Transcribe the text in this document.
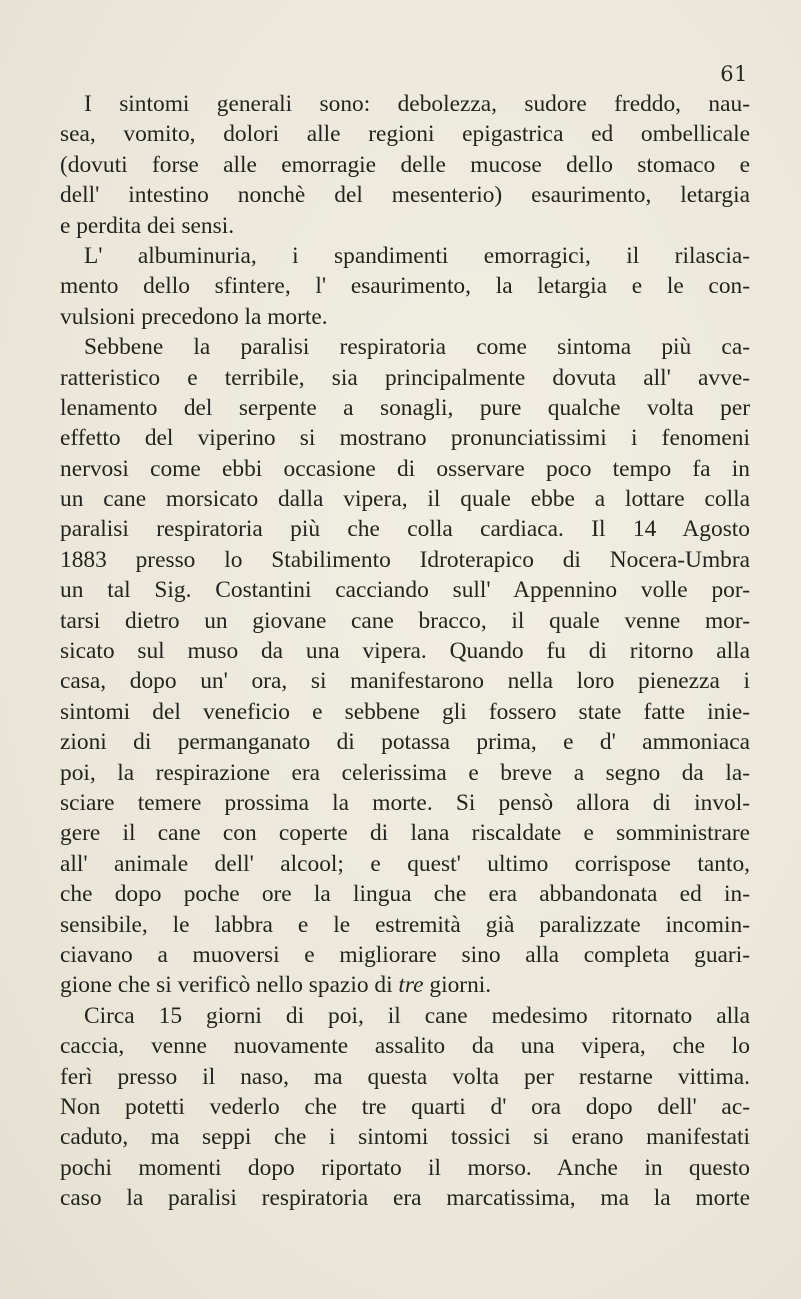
61
I sintomi generali sono: debolezza, sudore freddo, nau-
sea, vomito, dolori alle regioni epigastrica ed ombellicale
(dovuti forse alle emorragie delle mucose dello stomaco e
dell' intestino nonchè del mesenterio) esaurimento, letargia
e perdita dei sensi.
L' albuminuria, i spandimenti emorragici, il rilascia-
mento dello sfintere, l' esaurimento, la letargia e le con-
vulsioni precedono la morte.
Sebbene la paralisi respiratoria come sintoma più ca-
ratteristico e terribile, sia principalmente dovuta all' avve-
lenamento del serpente a sonagli, pure qualche volta per
effetto del viperino si mostrano pronunciatissimi i fenomeni
nervosi come ebbi occasione di osservare poco tempo fa in
un cane morsicato dalla vipera, il quale ebbe a lottare colla
paralisi respiratoria più che colla cardiaca. Il 14 Agosto
1883 presso lo Stabilimento Idroterapico di Nocera-Umbra
un tal Sig. Costantini cacciando sull' Appennino volle por-
tarsi dietro un giovane cane bracco, il quale venne mor-
sicato sul muso da una vipera. Quando fu di ritorno alla
casa, dopo un' ora, si manifestarono nella loro pienezza i
sintomi del veneficio e sebbene gli fossero state fatte inie-
zioni di permanganato di potassa prima, e d' ammoniaca
poi, la respirazione era celerissima e breve a segno da la-
sciare temere prossima la morte. Si pensò allora di invol-
gere il cane con coperte di lana riscaldate e somministrare
all' animale dell' alcool; e quest' ultimo corrispose tanto,
che dopo poche ore la lingua che era abbandonata ed in-
sensibile, le labbra e le estremità già paralizzate incomin-
ciavano a muoversi e migliorare sino alla completa guari-
gione che si verificò nello spazio di tre giorni.
Circa 15 giorni di poi, il cane medesimo ritornato alla
caccia, venne nuovamente assalito da una vipera, che lo
ferì presso il naso, ma questa volta per restarne vittima.
Non potetti vederlo che tre quarti d' ora dopo dell' ac-
caduto, ma seppi che i sintomi tossici si erano manifestati
pochi momenti dopo riportato il morso. Anche in questo
caso la paralisi respiratoria era marcatissima, ma la morte
